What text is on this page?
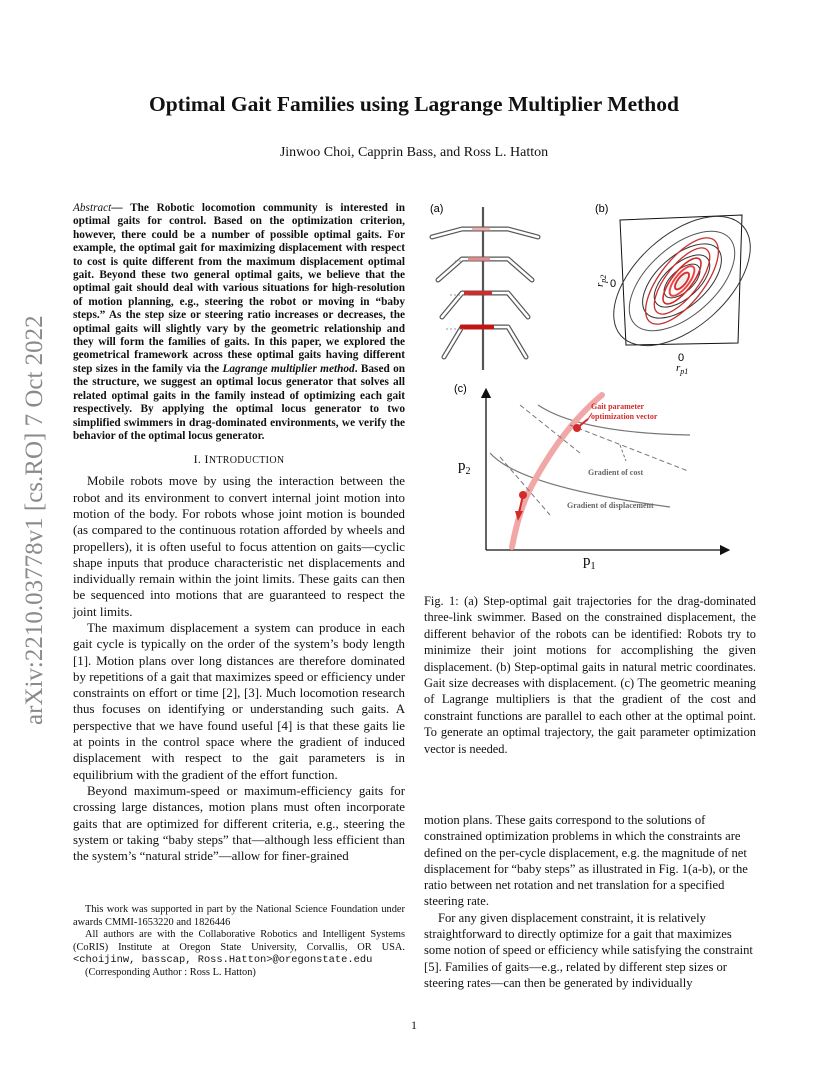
arXiv:2210.03778v1 [cs.RO] 7 Oct 2022
Optimal Gait Families using Lagrange Multiplier Method
Jinwoo Choi, Capprin Bass, and Ross L. Hatton

Abstract— The Robotic locomotion community is interested in optimal gaits for control. Based on the optimization criterion, however, there could be a number of possible optimal gaits. For example, the optimal gait for maximizing displacement with respect to cost is quite different from the maximum displacement optimal gait. Beyond these two general optimal gaits, we believe that the optimal gait should deal with various situations for high-resolution of motion planning, e.g., steering the robot or moving in “baby steps.” As the step size or steering ratio increases or decreases, the optimal gaits will slightly vary by the geometric relationship and they will form the families of gaits. In this paper, we explored the geometrical framework across these optimal gaits having different step sizes in the family via the Lagrange multiplier method. Based on the structure, we suggest an optimal locus generator that solves all related optimal gaits in the family instead of optimizing each gait respectively. By applying the optimal locus generator to two simplified swimmers in drag-dominated environments, we verify the behavior of the optimal locus generator.

I. INTRODUCTION

Mobile robots move by using the interaction between the robot and its environment to convert internal joint motion into motion of the body. For robots whose joint motion is bounded (as compared to the continuous rotation afforded by wheels and propellers), it is often useful to focus attention on gaits—cyclic shape inputs that produce characteristic net displacements and individually remain within the joint limits. These gaits can then be sequenced into motions that are guaranteed to respect the joint limits.

The maximum displacement a system can produce in each gait cycle is typically on the order of the system’s body length [1]. Motion plans over long distances are therefore dominated by repetitions of a gait that maximizes speed or efficiency under constraints on effort or time [2], [3]. Much locomotion research thus focuses on identifying or understanding such gaits. A perspective that we have found useful [4] is that these gaits lie at points in the control space where the gradient of induced displacement with respect to the gait parameters is in equilibrium with the gradient of the effort function.

Beyond maximum-speed or maximum-efficiency gaits for crossing large distances, motion plans must often incorporate gaits that are optimized for different criteria, e.g., steering the system or taking “baby steps” that—although less efficient than the system’s “natural stride”—allow for finer-grained

This work was supported in part by the National Science Foundation under awards CMMI-1653220 and 1826446

All authors are with the Collaborative Robotics and Intelligent Systems (CoRIS) Institute at Oregon State University, Corvallis, OR USA. <choijinw, basscap, Ross.Hatton>@oregonstate.edu

(Corresponding Author : Ross L. Hatton)

(a)	(b)
$r_{p2}$ 0
0
$r_{p1}$
(c)
$p_2$
$p_1$
Gait parameter
optimization vector
Gradient of cost
Gradient of displacement
Fig. 1: (a) Step-optimal gait trajectories for the drag-dominated three-link swimmer. Based on the constrained displacement, the different behavior of the robots can be identified: Robots try to minimize their joint motions for accomplishing the given displacement. (b) Step-optimal gaits in natural metric coordinates. Gait size decreases with displacement. (c) The geometric meaning of Lagrange multipliers is that the gradient of the cost and constraint functions are parallel to each other at the optimal point. To generate an optimal trajectory, the gait parameter optimization vector is needed.

motion plans. These gaits correspond to the solutions of constrained optimization problems in which the constraints are defined on the per-cycle displacement, e.g. the magnitude of net displacement for “baby steps” as illustrated in Fig. 1(a-b), or the ratio between net rotation and net translation for a specified steering rate.

For any given displacement constraint, it is relatively straightforward to directly optimize for a gait that maximizes some notion of speed or efficiency while satisfying the constraint [5]. Families of gaits—e.g., related by different step sizes or steering rates—can then be generated by individually

1
